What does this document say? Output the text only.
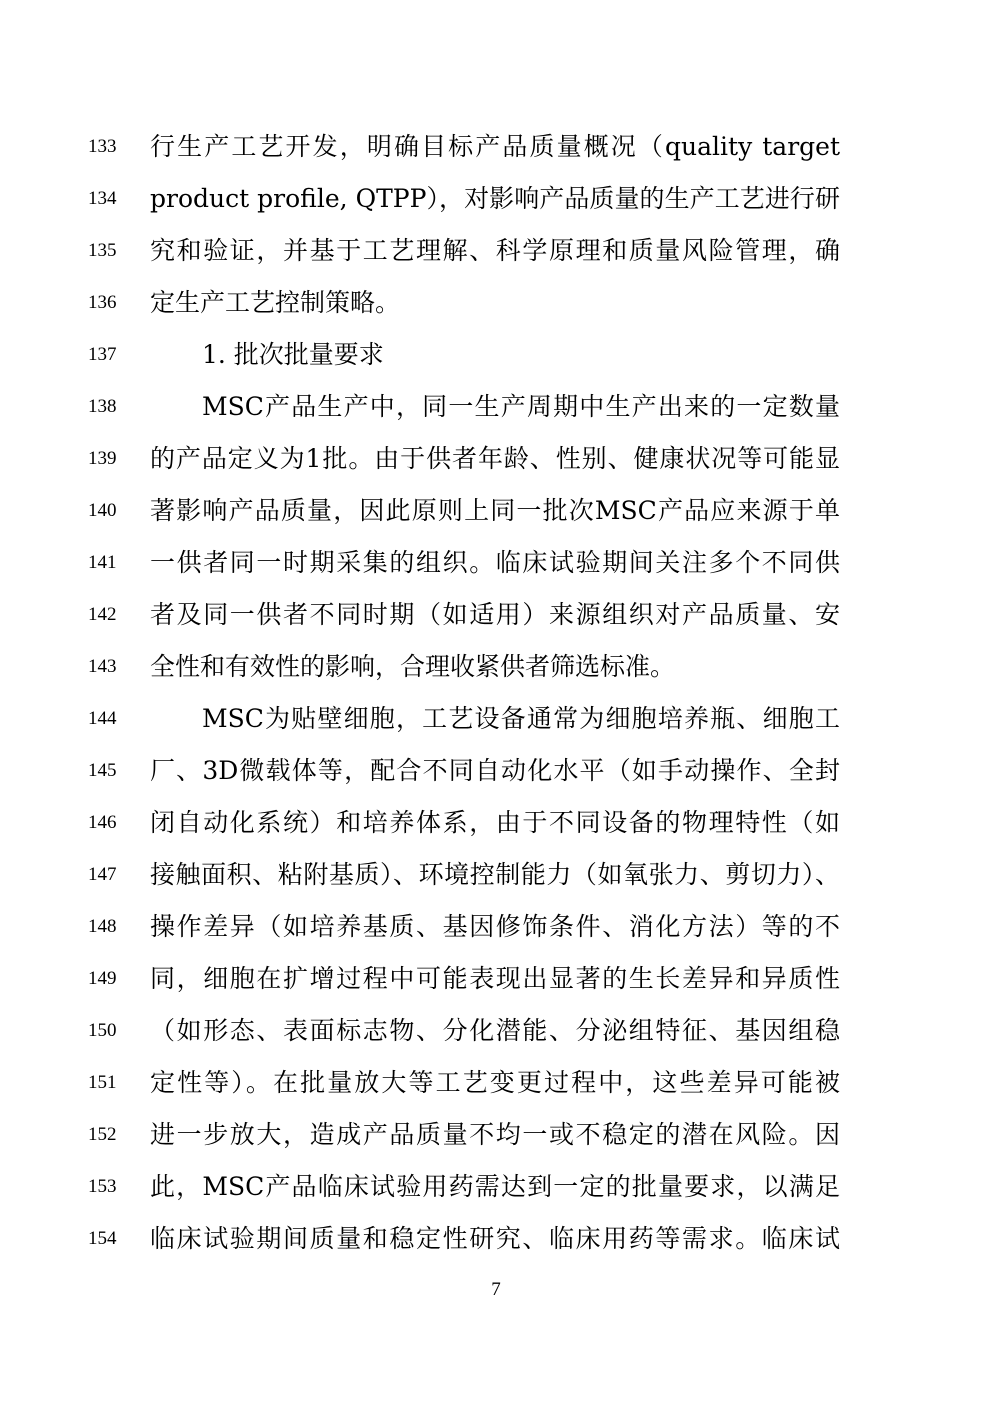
133	行生产工艺开发，明确目标产品质量概况（quality target
134	product profile, QTPP），对影响产品质量的生产工艺进行研
135	究和验证，并基于工艺理解、科学原理和质量风险管理，确
136	定生产工艺控制策略。
137	1. 批次批量要求
138	MSC产品生产中，同一生产周期中生产出来的一定数量
139	的产品定义为1批。由于供者年龄、性别、健康状况等可能显
140	著影响产品质量，因此原则上同一批次MSC产品应来源于单
141	一供者同一时期采集的组织。临床试验期间关注多个不同供
142	者及同一供者不同时期（如适用）来源组织对产品质量、安
143	全性和有效性的影响，合理收紧供者筛选标准。
144	MSC为贴壁细胞，工艺设备通常为细胞培养瓶、细胞工
145	厂、3D微载体等，配合不同自动化水平（如手动操作、全封
146	闭自动化系统）和培养体系，由于不同设备的物理特性（如
147	接触面积、粘附基质）、环境控制能力（如氧张力、剪切力）、
148	操作差异（如培养基质、基因修饰条件、消化方法）等的不
149	同，细胞在扩增过程中可能表现出显著的生长差异和异质性
150	（如形态、表面标志物、分化潜能、分泌组特征、基因组稳
151	定性等）。在批量放大等工艺变更过程中，这些差异可能被
152	进一步放大，造成产品质量不均一或不稳定的潜在风险。因
153	此，MSC产品临床试验用药需达到一定的批量要求，以满足
154	临床试验期间质量和稳定性研究、临床用药等需求。临床试
7
